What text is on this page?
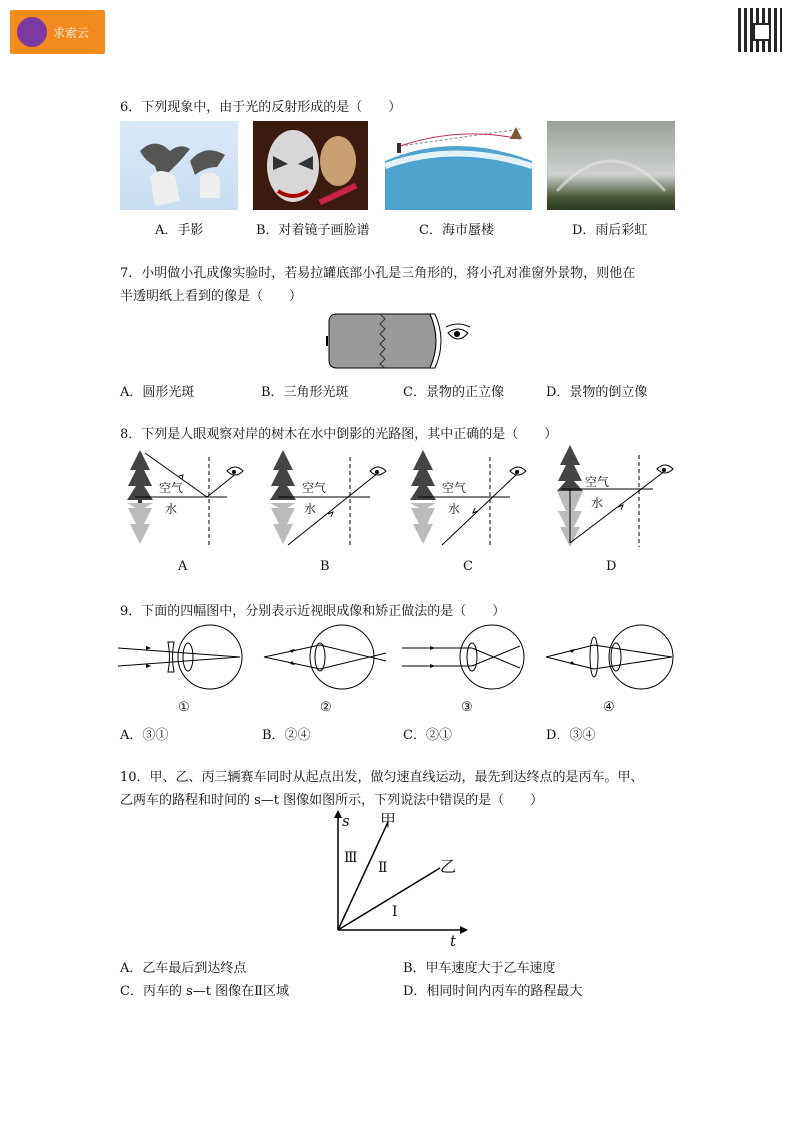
求索云
6．下列现象中，由于光的反射形成的是（　　）
A．手影	B．对着镜子画脸谱	C．海市蜃楼	D．雨后彩虹
7．小明做小孔成像实验时，若易拉罐底部小孔是三角形的，将小孔对准窗外景物，则他在
半透明纸上看到的像是（　　）
A．圆形光斑	B．三角形光斑	C．景物的正立像	D．景物的倒立像
8．下列是人眼观察对岸的树木在水中倒影的光路图，其中正确的是（　　）
空气
水
空气
水
空气
水
空气
水
A	B	C	D
9．下面的四幅图中，分别表示近视眼成像和矫正做法的是（　　）
①	②	③	④
A．③①	B．②④	C．②①	D．③④
10．甲、乙、丙三辆赛车同时从起点出发，做匀速直线运动，最先到达终点的是丙车。甲、
乙两车的路程和时间的 s—t 图像如图所示，下列说法中错误的是（　　）
s
t
甲
乙
Ⅲ
Ⅱ
Ⅰ
A．乙车最后到达终点	B．甲车速度大于乙车速度
C．丙车的 s—t 图像在Ⅱ区域	D．相同时间内丙车的路程最大
